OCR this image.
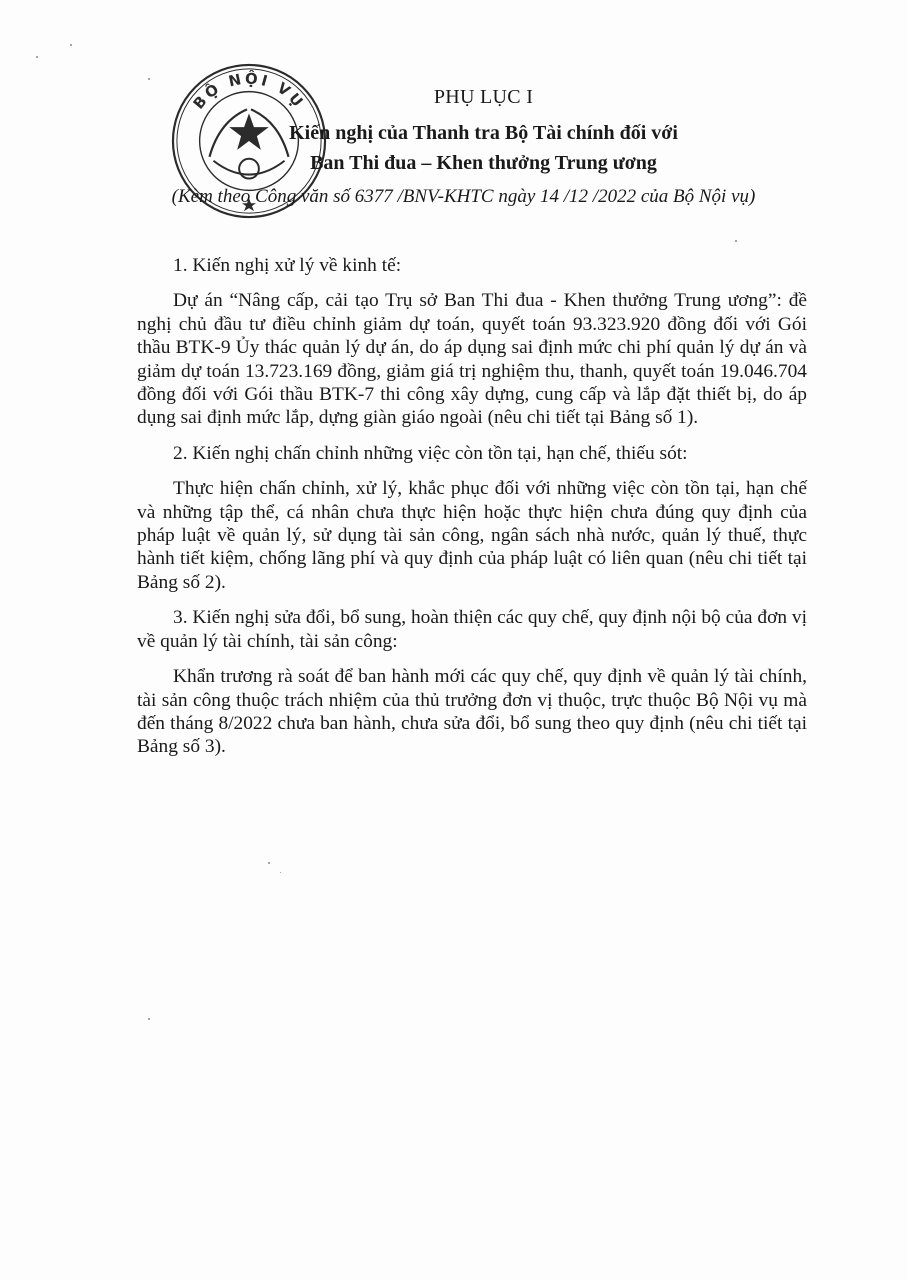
BỘ NỘI VỤ	PHỤ LỤC I
Kiến nghị của Thanh tra Bộ Tài chính đối với
Ban Thi đua – Khen thưởng Trung ương
(Kèm theo Công văn số 6377 /BNV-KHTC ngày 14 /12 /2022 của Bộ Nội vụ)

1. Kiến nghị xử lý về kinh tế:

Dự án “Nâng cấp, cải tạo Trụ sở Ban Thi đua - Khen thưởng Trung ương”: đề nghị chủ đầu tư điều chỉnh giảm dự toán, quyết toán 93.323.920 đồng đối với Gói thầu BTK-9 Ủy thác quản lý dự án, do áp dụng sai định mức chi phí quản lý dự án và giảm dự toán 13.723.169 đồng, giảm giá trị nghiệm thu, thanh, quyết toán 19.046.704 đồng đối với Gói thầu BTK-7 thi công xây dựng, cung cấp và lắp đặt thiết bị, do áp dụng sai định mức lắp, dựng giàn giáo ngoài (nêu chi tiết tại Bảng số 1).

2. Kiến nghị chấn chỉnh những việc còn tồn tại, hạn chế, thiếu sót:

Thực hiện chấn chỉnh, xử lý, khắc phục đối với những việc còn tồn tại, hạn chế và những tập thể, cá nhân chưa thực hiện hoặc thực hiện chưa đúng quy định của pháp luật về quản lý, sử dụng tài sản công, ngân sách nhà nước, quản lý thuế, thực hành tiết kiệm, chống lãng phí và quy định của pháp luật có liên quan (nêu chi tiết tại Bảng số 2).

3. Kiến nghị sửa đổi, bổ sung, hoàn thiện các quy chế, quy định nội bộ của đơn vị về quản lý tài chính, tài sản công:

Khẩn trương rà soát để ban hành mới các quy chế, quy định về quản lý tài chính, tài sản công thuộc trách nhiệm của thủ trưởng đơn vị thuộc, trực thuộc Bộ Nội vụ mà đến tháng 8/2022 chưa ban hành, chưa sửa đổi, bổ sung theo quy định (nêu chi tiết tại Bảng số 3).
